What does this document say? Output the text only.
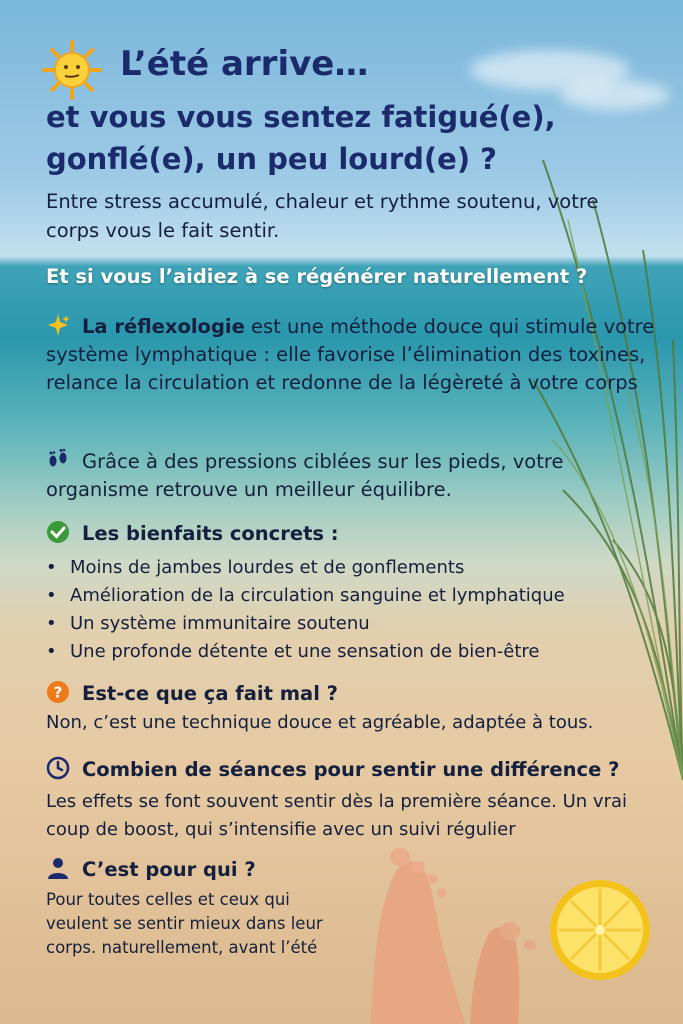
L’été arrive…
et vous vous sentez fatigué(e), gonflé(e), un peu lourd(e) ?
Entre stress accumulé, chaleur et rythme soutenu, votre corps vous le fait sentir.
Et si vous l’aidiez à se régénérer naturellement ?
La réflexologie est une méthode douce qui stimule votre système lymphatique : elle favorise l’élimination des toxines, relance la circulation et redonne de la légèreté à votre corps
Grâce à des pressions ciblées sur les pieds, votre organisme retrouve un meilleur équilibre.
Les bienfaits concrets :
• Moins de jambes lourdes et de gonflements
• Amélioration de la circulation sanguine et lymphatique
• Un système immunitaire soutenu
• Une profonde détente et une sensation de bien-être
? Est-ce que ça fait mal ?
Non, c’est une technique douce et agréable, adaptée à tous.
Combien de séances pour sentir une différence ?
Les effets se font souvent sentir dès la première séance. Un vrai coup de boost, qui s’intensifie avec un suivi régulier
C’est pour qui ?
Pour toutes celles et ceux qui veulent se sentir mieux dans leur corps. naturellement, avant l’été
